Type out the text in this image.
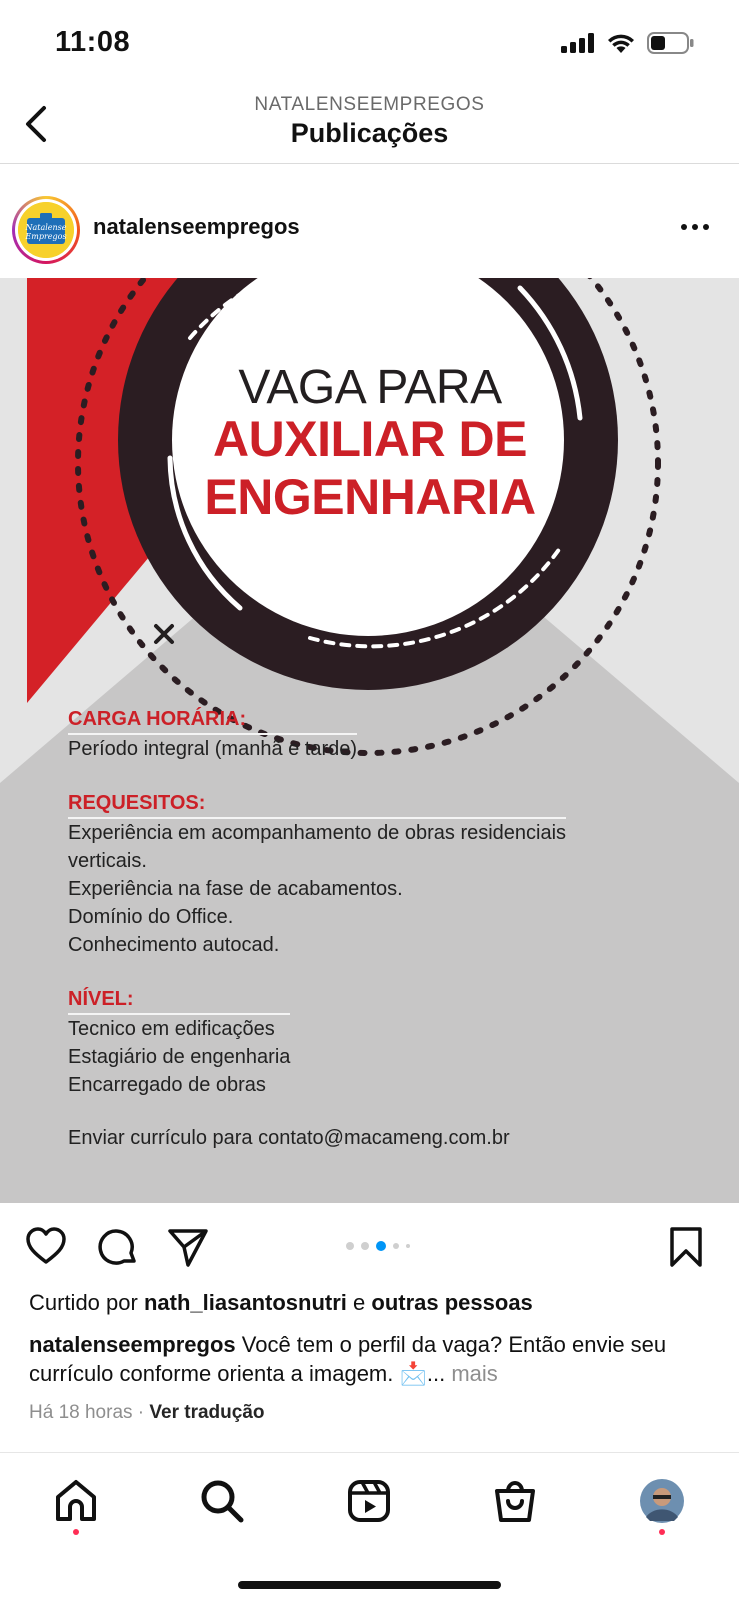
11:08
NATALENSEEMPREGOS
Publicações
Natalense
Empregos natalenseempregos
VAGA PARA
AUXILIAR DE
ENGENHARIA
CARGA HORÁRIA:
Período integral (manhã e tarde)
REQUESITOS:
Experiência em acompanhamento de obras residenciais
verticais.
Experiência na fase de acabamentos.
Domínio do Office.
Conhecimento autocad.
NÍVEL:
Tecnico em edificações
Estagiário de engenharia
Encarregado de obras
Enviar currículo para contato@macameng.com.br
Curtido por nath_liasantosnutri e outras pessoas
natalenseempregos Você tem o perfil da vaga? Então envie seu currículo conforme orienta a imagem. 📩... mais
Há 18 horas · Ver tradução
